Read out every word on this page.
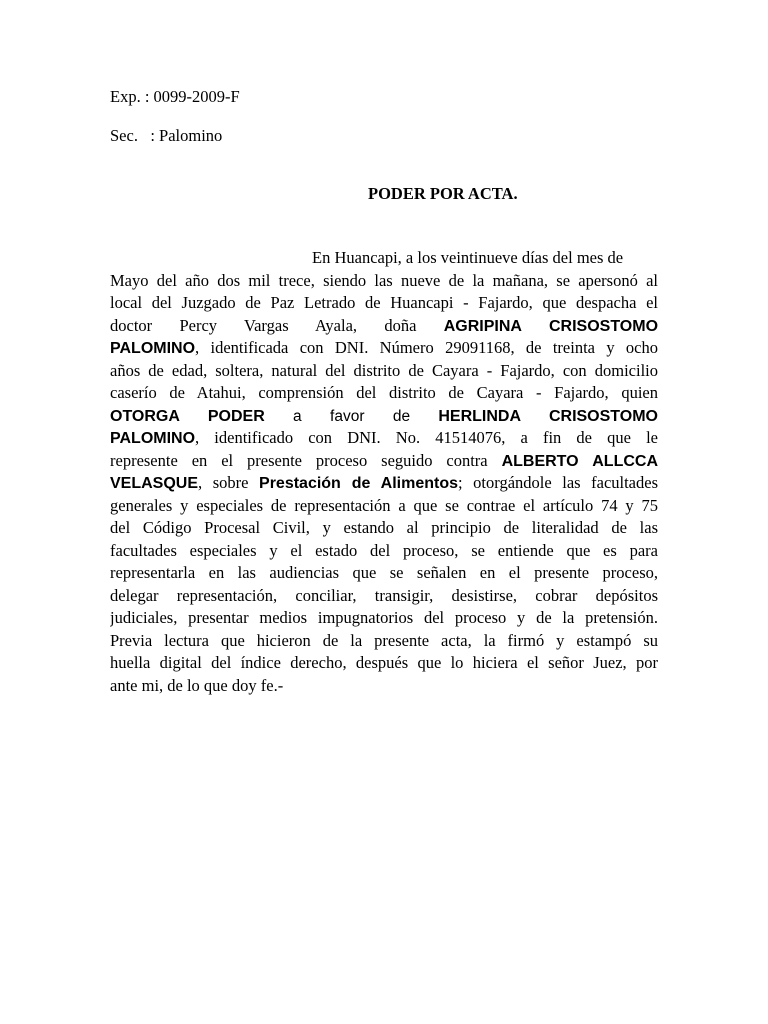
Exp. : 0099-2009-F
Sec.   : Palomino
PODER POR ACTA.
En Huancapi, a los veintinueve días del mes de
Mayo del año dos mil trece, siendo las nueve de la mañana, se apersonó al
local del Juzgado de Paz Letrado de Huancapi - Fajardo, que despacha el
doctor Percy Vargas Ayala, doña AGRIPINA CRISOSTOMO
PALOMINO, identificada con DNI. Número 29091168, de treinta y ocho
años de edad, soltera, natural del distrito de Cayara - Fajardo, con domicilio
caserío de Atahui, comprensión del distrito de Cayara - Fajardo, quien
OTORGA PODER a favor de HERLINDA CRISOSTOMO
PALOMINO, identificado con DNI. No. 41514076, a fin de que le
represente en el presente proceso seguido contra ALBERTO ALLCCA
VELASQUE, sobre Prestación de Alimentos; otorgándole las facultades
generales y especiales de representación a que se contrae el artículo 74 y 75
del Código Procesal Civil, y estando al principio de literalidad de las
facultades especiales y el estado del proceso, se entiende que es para
representarla en las audiencias que se señalen en el presente proceso,
delegar representación, conciliar, transigir, desistirse, cobrar depósitos
judiciales, presentar medios impugnatorios del proceso y de la pretensión.
Previa lectura que hicieron de la presente acta, la firmó y estampó su
huella digital del índice derecho, después que lo hiciera el señor Juez, por
ante mi, de lo que doy fe.-
